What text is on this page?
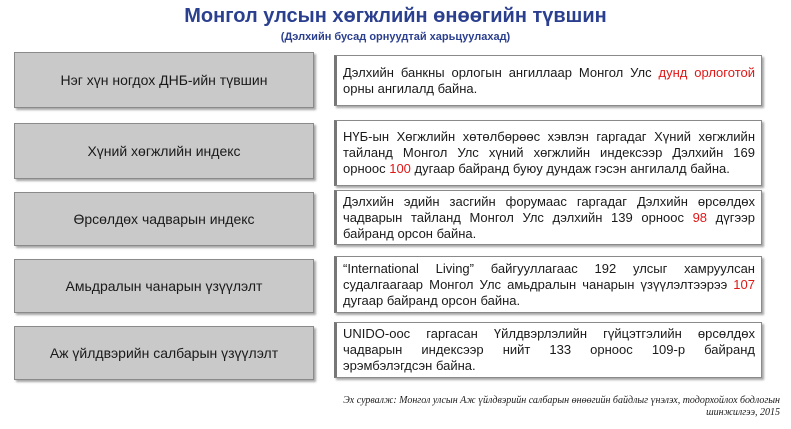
Монгол улсын хөгжлийн өнөөгийн түвшин
(Дэлхийн бусад орнуудтай харьцуулахад)
Нэг хүн ногдох ДНБ-ийн түвшин	Дэлхийн банкны орлогын ангиллаар Монгол Улс дунд орлоготой орны ангилалд байна.
Хүний хөгжлийн индекс
НҮБ-ын Хөгжлийн хөтөлбөрөөс хэвлэн гаргадаг Хүний хөгжлийн тайланд Монгол Улс хүний хөгжлийн индексээр Дэлхийн 169 орноос 100 дугаар байранд буюу дундаж гэсэн ангилалд байна.
Өрсөлдөх чадварын индекс
Дэлхийн эдийн засгийн форумаас гаргадаг Дэлхийн өрсөлдөх чадварын тайланд Монгол Улс дэлхийн 139 орноос 98 дүгээр байранд орсон байна.
Амьдралын чанарын үзүүлэлт
“International Living” байгууллагаас 192 улсыг хамруулсан судалгаагаар Монгол Улс амьдралын чанарын үзүүлэлтээрээ 107 дугаар байранд орсон байна.
Аж үйлдвэрийн салбарын үзүүлэлт
UNIDO-оос гаргасан Үйлдвэрлэлийн гүйцэтгэлийн өрсөлдөх чадварын индексээр нийт 133 орноос 109-р байранд эрэмбэлэгдсэн байна.
Эх сурвалж: Монгол улсын Аж үйлдвэрийн салбарын өнөөгийн байдлыг үнэлэх, тодорхойлох бодлогын шинжилгээ, 2015
